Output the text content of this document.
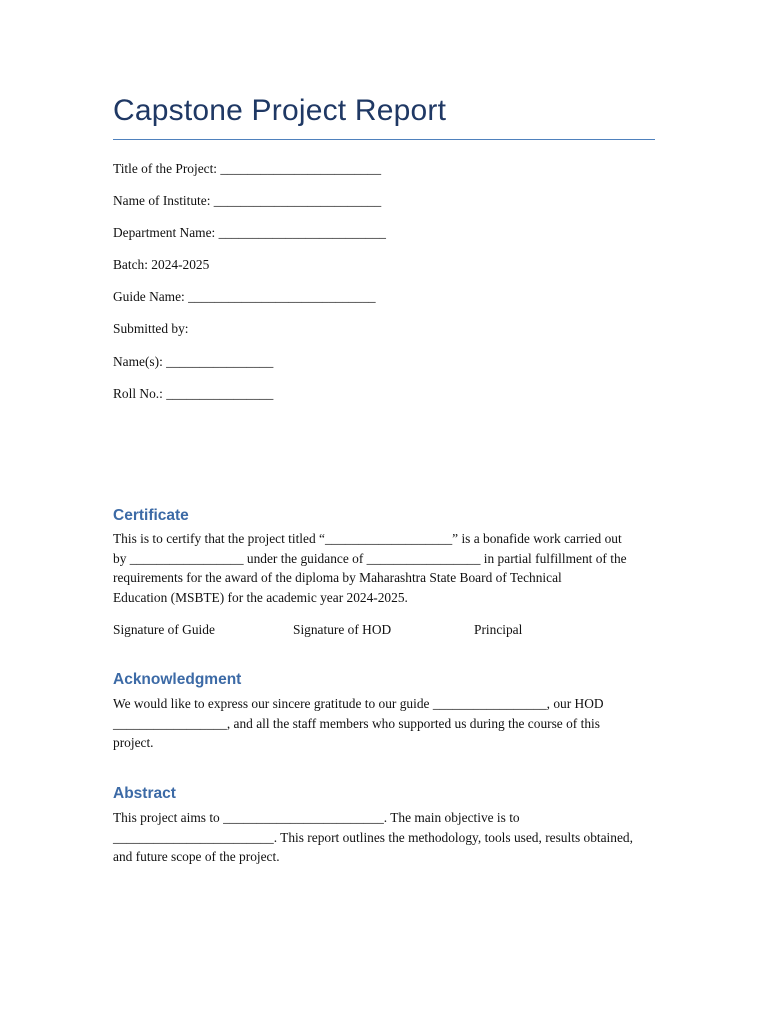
Capstone Project Report

Title of the Project: ________________________

Name of Institute: _________________________

Department Name: _________________________

Batch: 2024-2025

Guide Name: ____________________________

Submitted by:

Name(s): ________________

Roll No.: ________________

Certificate
This is to certify that the project titled “___________________” is a bonafide work carried out
by _________________ under the guidance of _________________ in partial fulfillment of the
requirements for the award of the diploma by Maharashtra State Board of Technical
Education (MSBTE) for the academic year 2024-2025.

Signature of Guide	Signature of HOD	Principal

Acknowledgment
We would like to express our sincere gratitude to our guide _________________, our HOD
_________________, and all the staff members who supported us during the course of this
project.
Abstract
This project aims to ________________________. The main objective is to
________________________. This report outlines the methodology, tools used, results obtained,
and future scope of the project.
